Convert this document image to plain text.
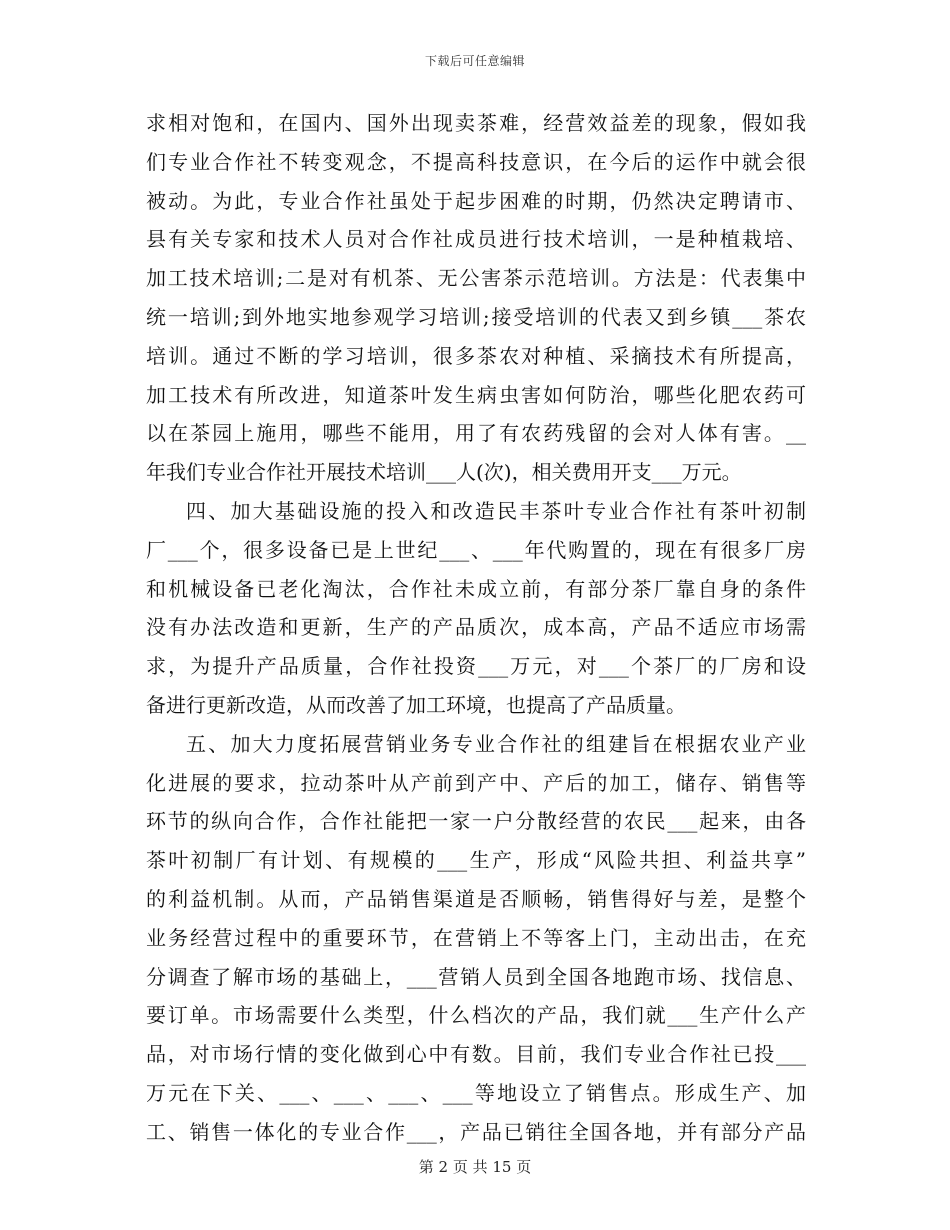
下载后可任意编辑
求相对饱和，在国内、国外出现卖茶难，经营效益差的现象，假如我
们专业合作社不转变观念，不提高科技意识，在今后的运作中就会很
被动。为此，专业合作社虽处于起步困难的时期，仍然决定聘请市、
县有关专家和技术人员对合作社成员进行技术培训，一是种植栽培、
加工技术培训;二是对有机茶、无公害茶示范培训。方法是：代表集中
统一培训;到外地实地参观学习培训;接受培训的代表又到乡镇___茶农
培训。通过不断的学习培训，很多茶农对种植、采摘技术有所提高，
加工技术有所改进，知道茶叶发生病虫害如何防治，哪些化肥农药可
以在茶园上施用，哪些不能用，用了有农药残留的会对人体有害。__
年我们专业合作社开展技术培训___人(次)，相关费用开支___万元。
四、加大基础设施的投入和改造民丰茶叶专业合作社有茶叶初制
厂___个，很多设备已是上世纪___、___年代购置的，现在有很多厂房
和机械设备已老化淘汰，合作社未成立前，有部分茶厂靠自身的条件
没有办法改造和更新，生产的产品质次，成本高，产品不适应市场需
求，为提升产品质量，合作社投资___万元，对___个茶厂的厂房和设
备进行更新改造，从而改善了加工环境，也提高了产品质量。
五、加大力度拓展营销业务专业合作社的组建旨在根据农业产业
化进展的要求，拉动茶叶从产前到产中、产后的加工，储存、销售等
环节的纵向合作，合作社能把一家一户分散经营的农民___起来，由各
茶叶初制厂有计划、有规模的___生产，形成“风险共担、利益共享”
的利益机制。从而，产品销售渠道是否顺畅，销售得好与差，是整个
业务经营过程中的重要环节，在营销上不等客上门，主动出击，在充
分调查了解市场的基础上，___营销人员到全国各地跑市场、找信息、
要订单。市场需要什么类型，什么档次的产品，我们就___生产什么产
品，对市场行情的变化做到心中有数。目前，我们专业合作社已投___
万元在下关、___、___、___、___等地设立了销售点。形成生产、加
工、销售一体化的专业合作___，产品已销往全国各地，并有部分产品
第 2 页 共 15 页
